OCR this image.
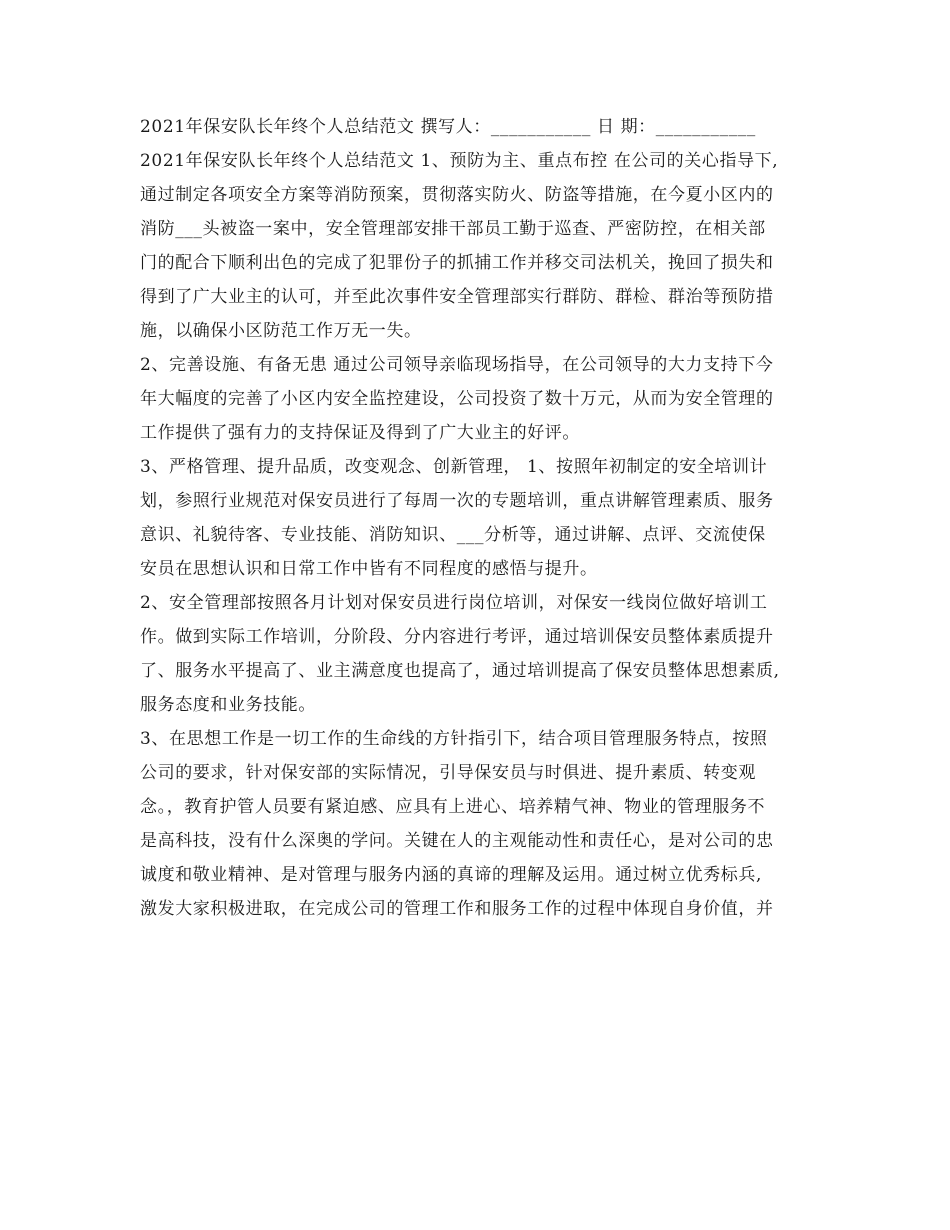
2021年保安队长年终个人总结范文 撰写人：___________ 日 期：___________
2021年保安队长年终个人总结范文 1、预防为主、重点布控 在公司的关心指导下,
通过制定各项安全方案等消防预案，贯彻落实防火、防盗等措施，在今夏小区内的
消防___头被盗一案中，安全管理部安排干部员工勤于巡查、严密防控，在相关部
门的配合下顺利出色的完成了犯罪份子的抓捕工作并移交司法机关，挽回了损失和
得到了广大业主的认可，并至此次事件安全管理部实行群防、群检、群治等预防措
施，以确保小区防范工作万无一失。
2、完善设施、有备无患 通过公司领导亲临现场指导，在公司领导的大力支持下今
年大幅度的完善了小区内安全监控建设，公司投资了数十万元，从而为安全管理的
工作提供了强有力的支持保证及得到了广大业主的好评。
3、严格管理、提升品质，改变观念、创新管理， 1、按照年初制定的安全培训计
划，参照行业规范对保安员进行了每周一次的专题培训，重点讲解管理素质、服务
意识、礼貌待客、专业技能、消防知识、___分析等，通过讲解、点评、交流使保
安员在思想认识和日常工作中皆有不同程度的感悟与提升。
2、安全管理部按照各月计划对保安员进行岗位培训，对保安一线岗位做好培训工
作。做到实际工作培训，分阶段、分内容进行考评，通过培训保安员整体素质提升
了、服务水平提高了、业主满意度也提高了，通过培训提高了保安员整体思想素质,
服务态度和业务技能。
3、在思想工作是一切工作的生命线的方针指引下，结合项目管理服务特点，按照
公司的要求，针对保安部的实际情况，引导保安员与时俱进、提升素质、转变观
念。，教育护管人员要有紧迫感、应具有上进心、培养精气神、物业的管理服务不
是高科技，没有什么深奥的学问。关键在人的主观能动性和责任心，是对公司的忠
诚度和敬业精神、是对管理与服务内涵的真谛的理解及运用。通过树立优秀标兵,
激发大家积极进取，在完成公司的管理工作和服务工作的过程中体现自身价值，并
